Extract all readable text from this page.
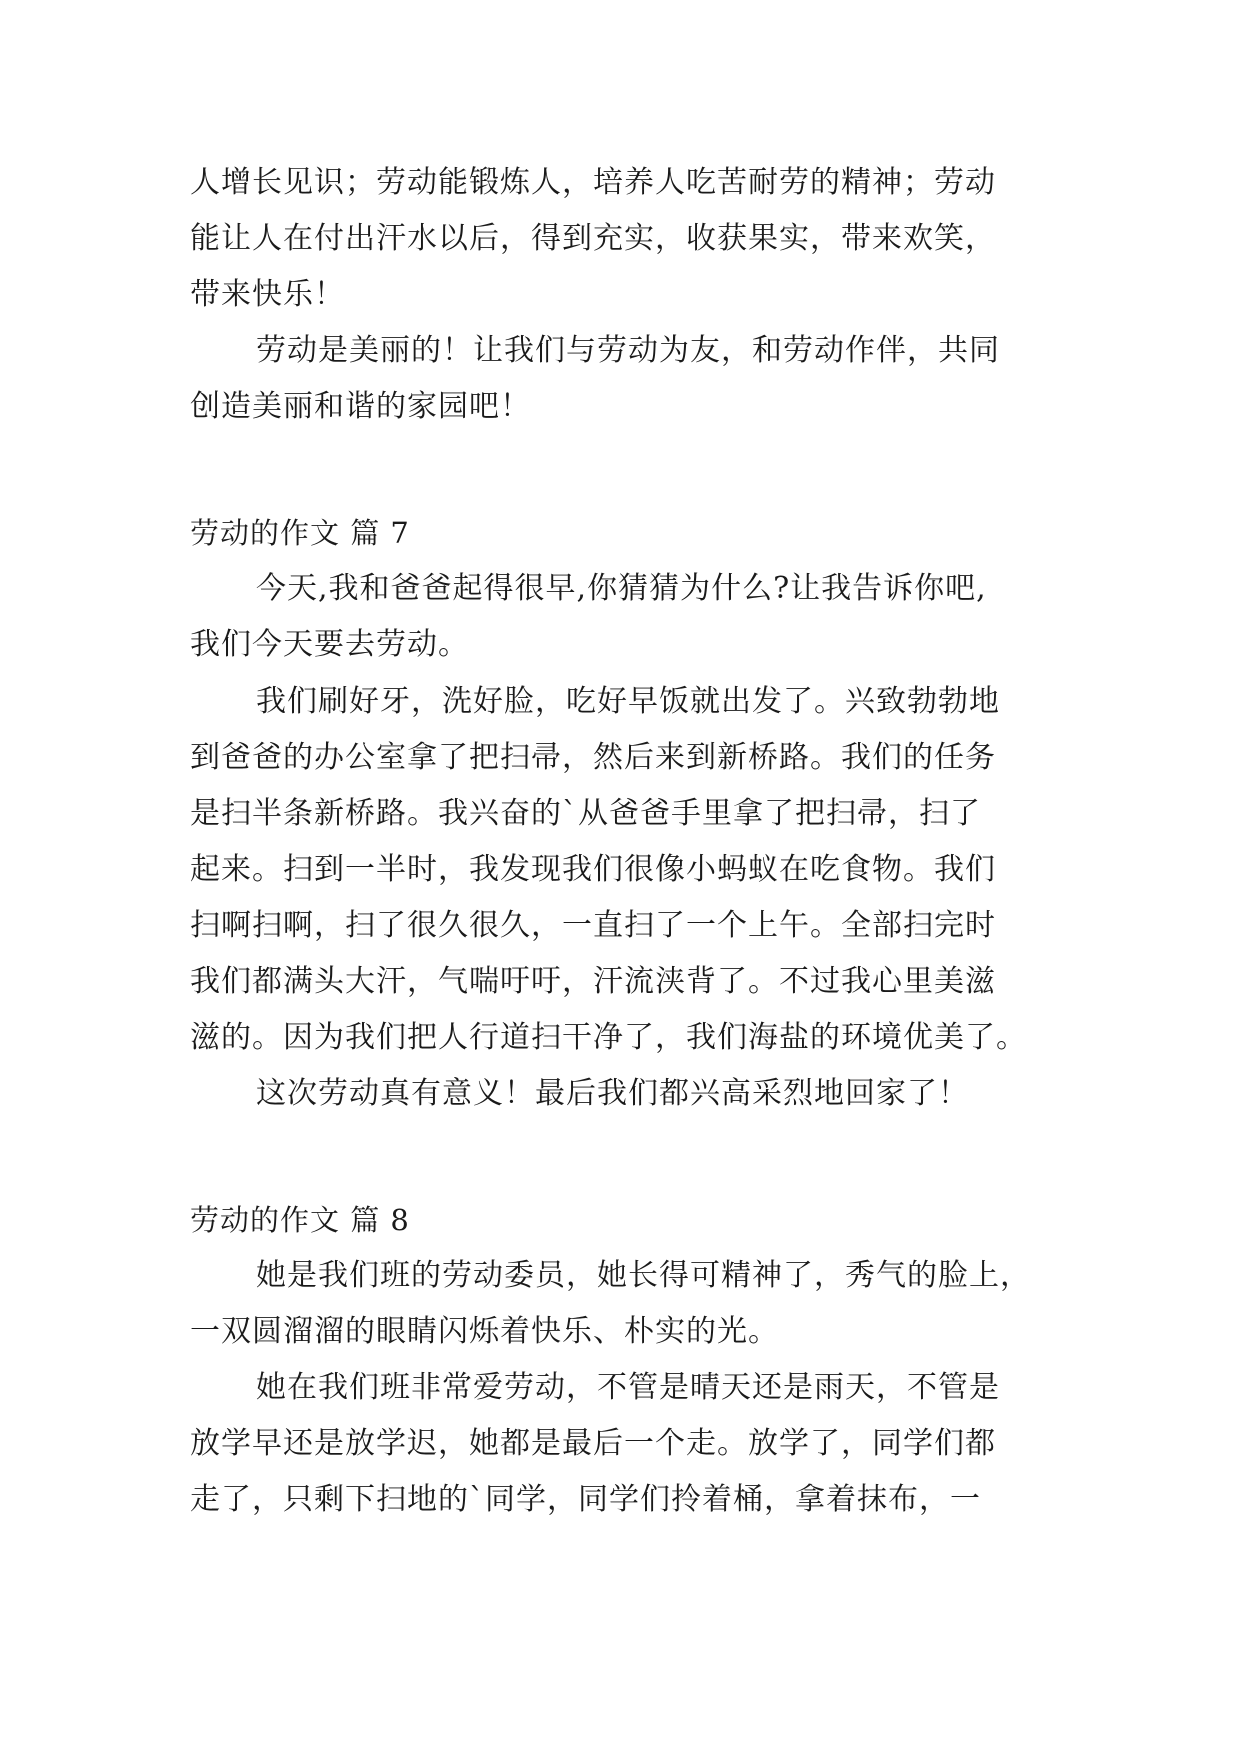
人增长见识；劳动能锻炼人，培养人吃苦耐劳的精神；劳动
能让人在付出汗水以后，得到充实，收获果实，带来欢笑，
带来快乐！
劳动是美丽的！让我们与劳动为友，和劳动作伴，共同
创造美丽和谐的家园吧！
劳动的作文 篇 7
今天,我和爸爸起得很早,你猜猜为什么?让我告诉你吧,
我们今天要去劳动。
我们刷好牙，洗好脸，吃好早饭就出发了。兴致勃勃地
到爸爸的办公室拿了把扫帚，然后来到新桥路。我们的任务
是扫半条新桥路。我兴奋的`从爸爸手里拿了把扫帚，扫了
起来。扫到一半时，我发现我们很像小蚂蚁在吃食物。我们
扫啊扫啊，扫了很久很久，一直扫了一个上午。全部扫完时
我们都满头大汗，气喘吁吁，汗流浃背了。不过我心里美滋
滋的。因为我们把人行道扫干净了，我们海盐的环境优美了。
这次劳动真有意义！最后我们都兴高采烈地回家了！
劳动的作文 篇 8
她是我们班的劳动委员，她长得可精神了，秀气的脸上，
一双圆溜溜的眼睛闪烁着快乐、朴实的光。
她在我们班非常爱劳动，不管是晴天还是雨天，不管是
放学早还是放学迟，她都是最后一个走。放学了，同学们都
走了，只剩下扫地的`同学，同学们拎着桶，拿着抹布，一
